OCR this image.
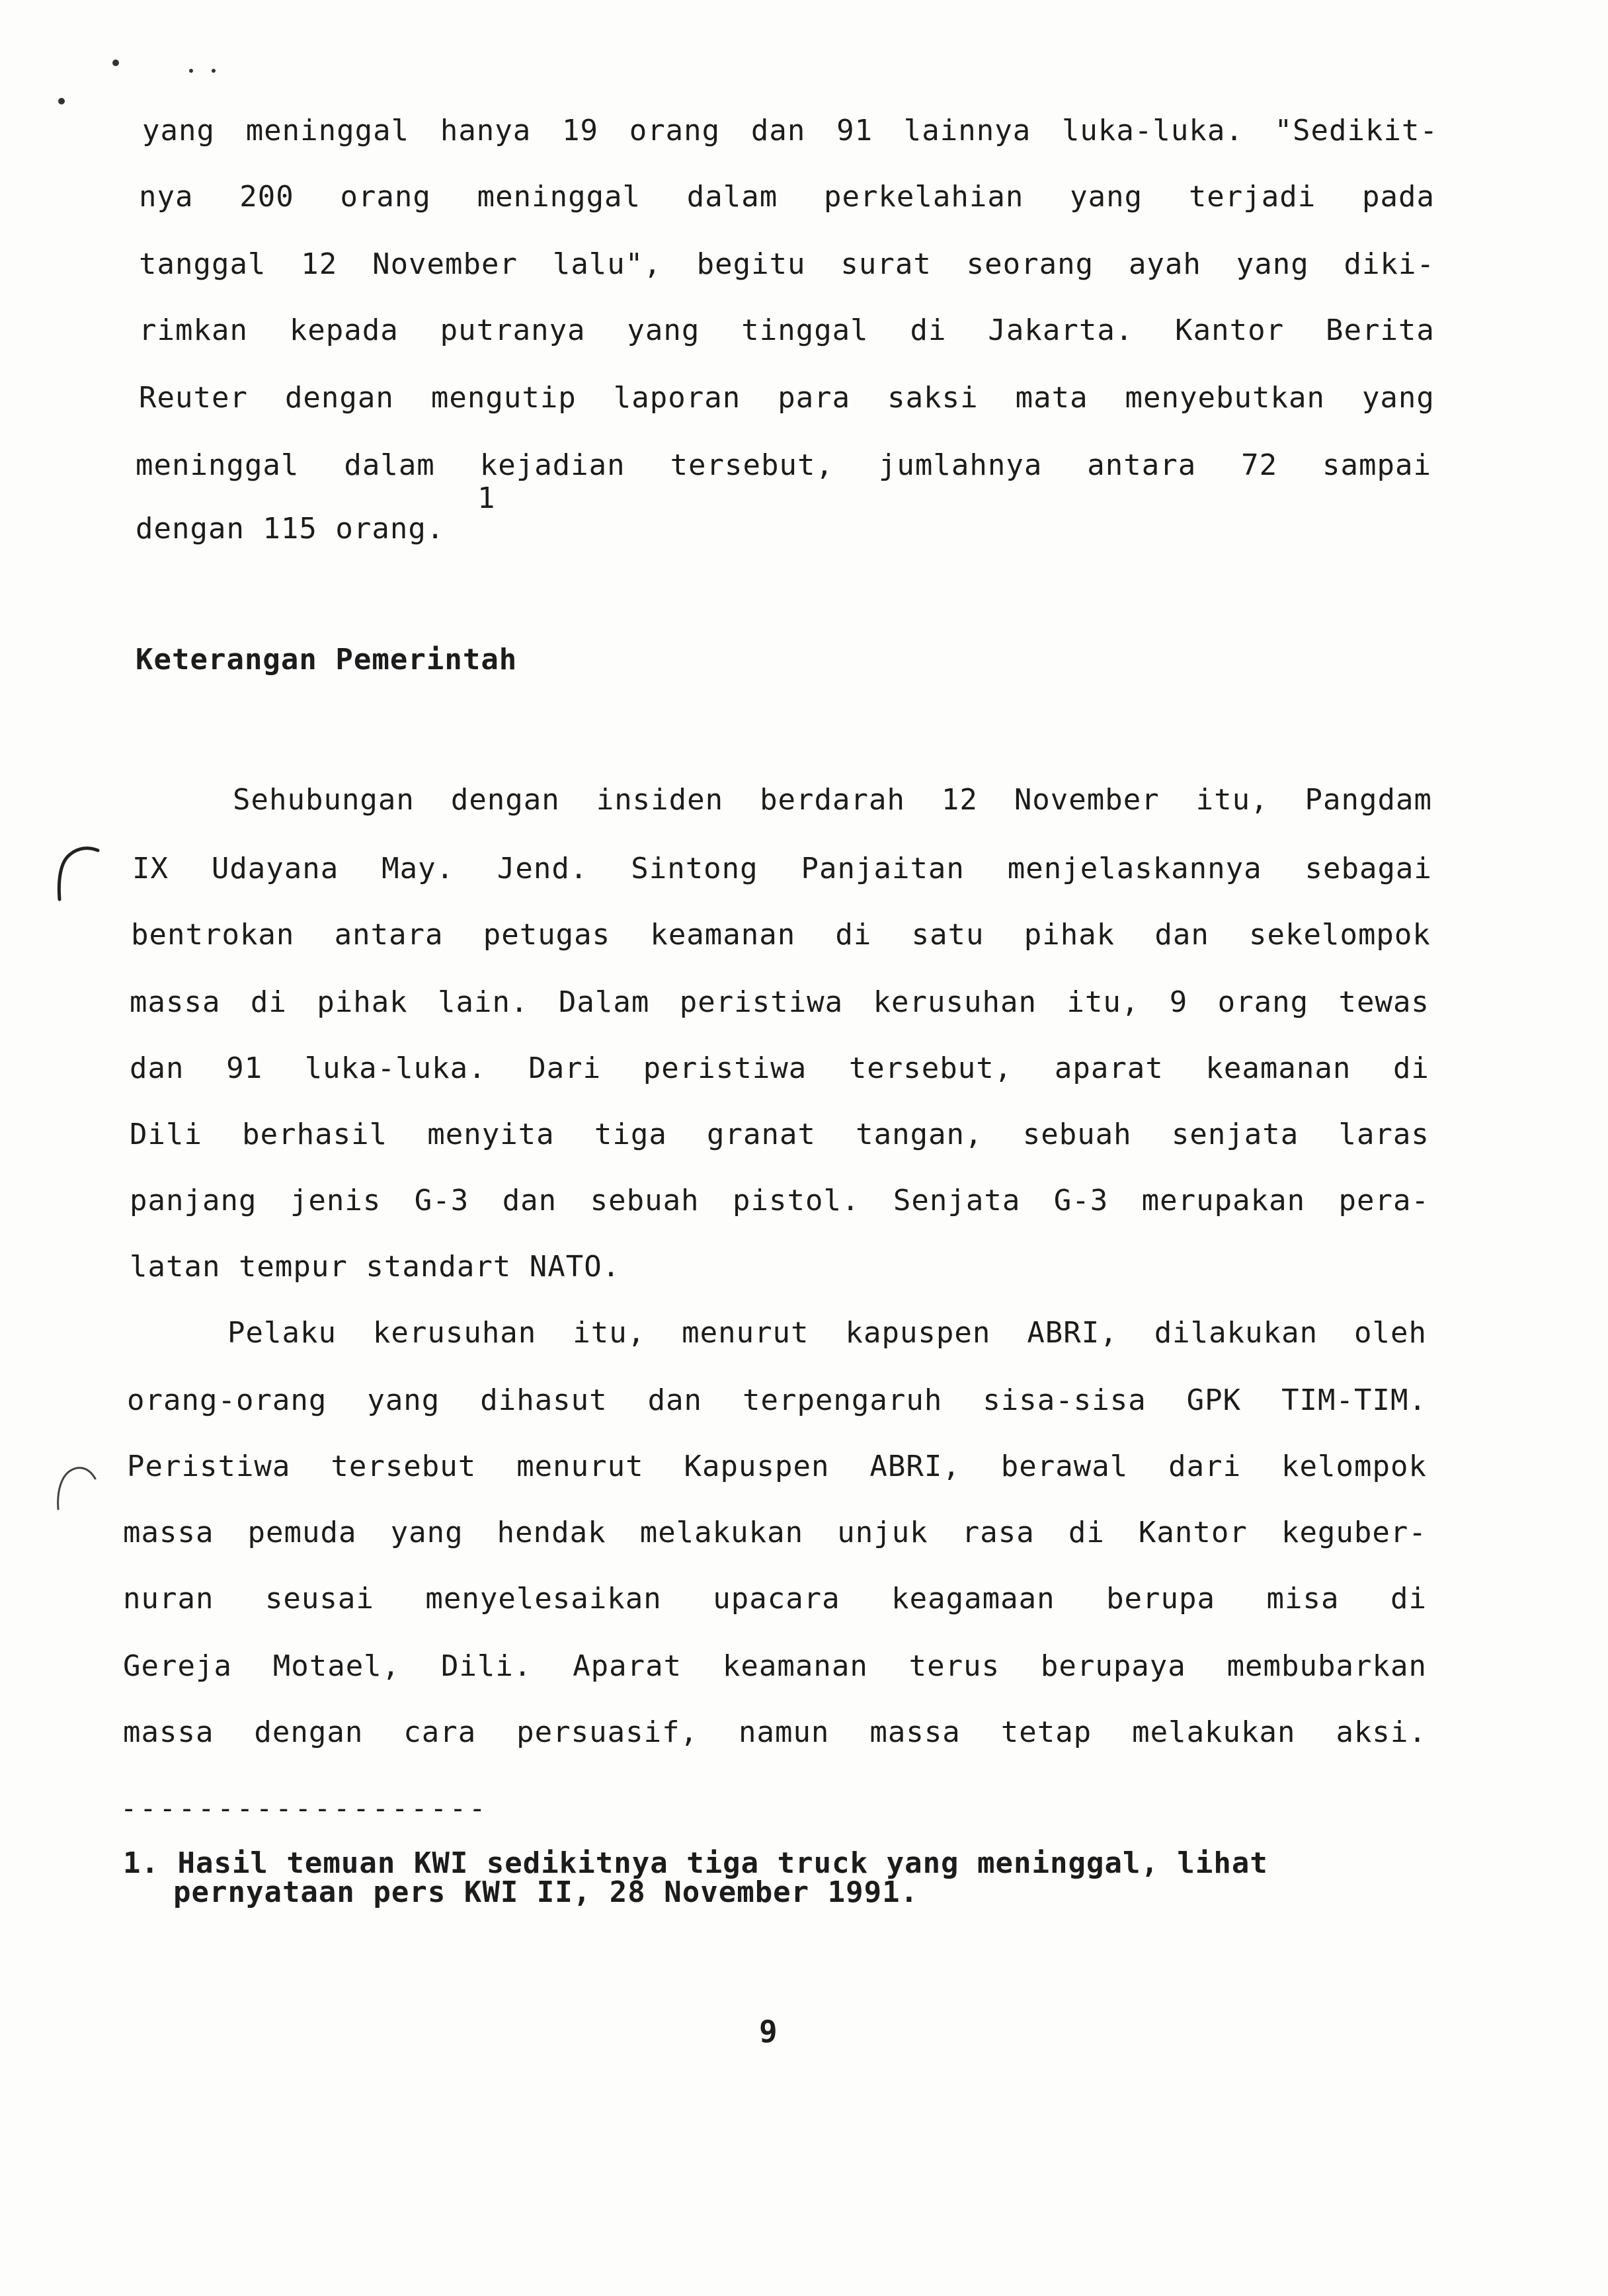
yang meninggal hanya 19 orang dan 91 lainnya luka-luka. "Sedikit-
nya 200 orang meninggal dalam perkelahian yang terjadi pada
tanggal 12 November lalu", begitu surat seorang ayah yang diki-
rimkan kepada putranya yang tinggal di Jakarta. Kantor Berita
Reuter dengan mengutip laporan para saksi mata menyebutkan yang
meninggal dalam kejadian tersebut, jumlahnya antara 72 sampai
1
dengan 115 orang.
Keterangan Pemerintah
Sehubungan dengan insiden berdarah 12 November itu, Pangdam
IX Udayana May. Jend. Sintong Panjaitan menjelaskannya sebagai
bentrokan antara petugas keamanan di satu pihak dan sekelompok
massa di pihak lain. Dalam peristiwa kerusuhan itu, 9 orang tewas
dan 91 luka-luka. Dari peristiwa tersebut, aparat keamanan di
Dili berhasil menyita tiga granat tangan, sebuah senjata laras
panjang jenis G-3 dan sebuah pistol. Senjata G-3 merupakan pera-
latan tempur standart NATO.
Pelaku kerusuhan itu, menurut kapuspen ABRI, dilakukan oleh
orang-orang yang dihasut dan terpengaruh sisa-sisa GPK TIM-TIM.
Peristiwa tersebut menurut Kapuspen ABRI, berawal dari kelompok
massa pemuda yang hendak melakukan unjuk rasa di Kantor keguber-
nuran seusai menyelesaikan upacara keagamaan berupa misa di
Gereja Motael, Dili. Aparat keamanan terus berupaya membubarkan
massa dengan cara persuasif, namun massa tetap melakukan aksi.
-------------------
1. Hasil temuan KWI sedikitnya tiga truck yang meninggal, lihat
pernyataan pers KWI II, 28 November 1991.
9
